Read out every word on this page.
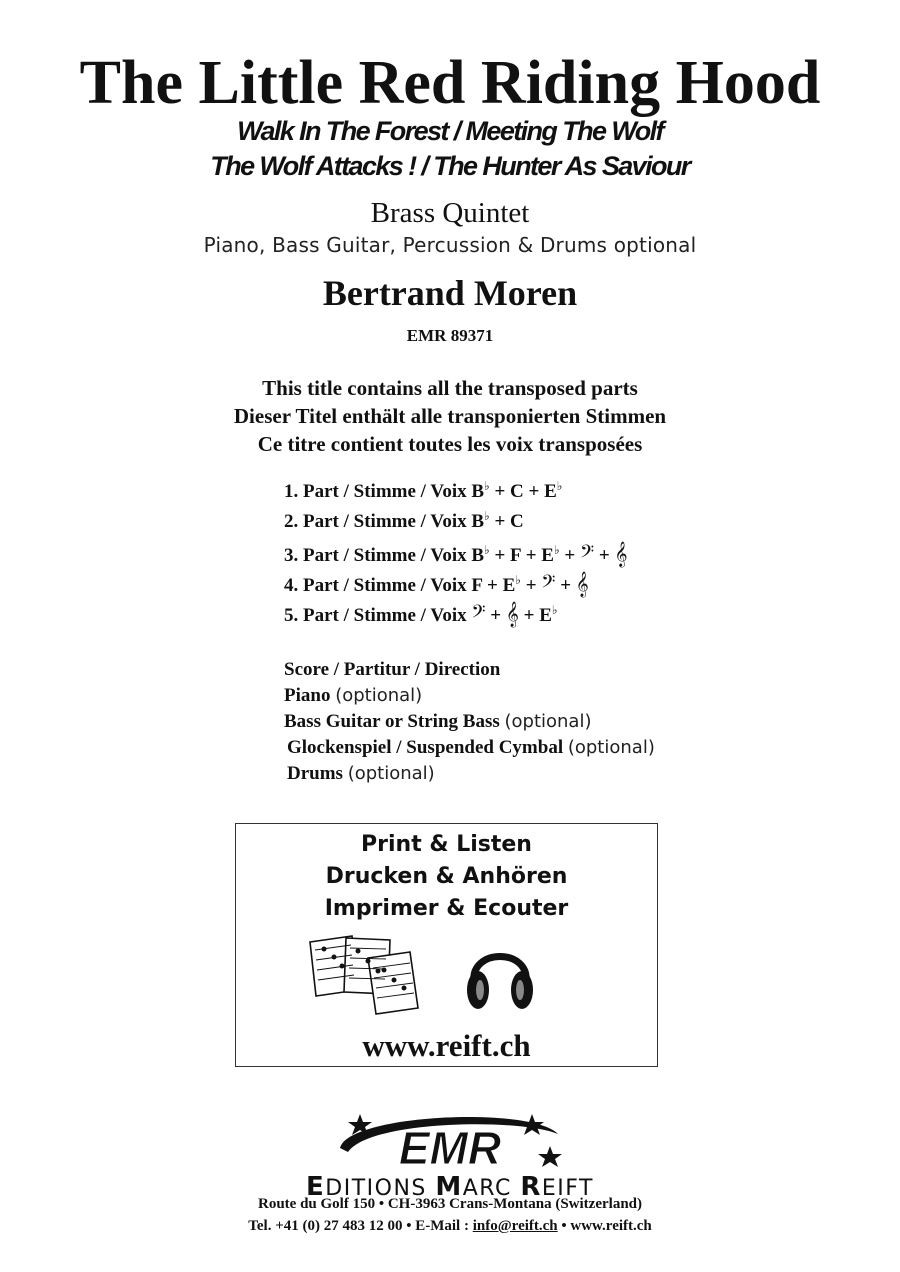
The Little Red Riding Hood
Walk In The Forest / Meeting The Wolf
The Wolf Attacks ! / The Hunter As Saviour
Brass Quintet
Piano, Bass Guitar, Percussion & Drums optional
Bertrand Moren
EMR 89371
This title contains all the transposed parts
Dieser Titel enthält alle transponierten Stimmen
Ce titre contient toutes les voix transposées
1. Part / Stimme / Voix B♭ + C + E♭
2. Part / Stimme / Voix B♭ + C
3. Part / Stimme / Voix B♭ + F + E♭ + 𝄢 + 𝄞
4. Part / Stimme / Voix F + E♭ + 𝄢 + 𝄞
5. Part / Stimme / Voix 𝄢 + 𝄞 + E♭
Score / Partitur / Direction
Piano (optional)
Bass Guitar or String Bass (optional)
Glockenspiel / Suspended Cymbal (optional)
Drums (optional)
Print & Listen
Drucken & Anhören
Imprimer & Ecouter
www.reift.ch
EMR
EDITIONS MARC REIFT
Route du Golf 150 • CH-3963 Crans-Montana (Switzerland)
Tel. +41 (0) 27 483 12 00 • E-Mail : info@reift.ch • www.reift.ch
